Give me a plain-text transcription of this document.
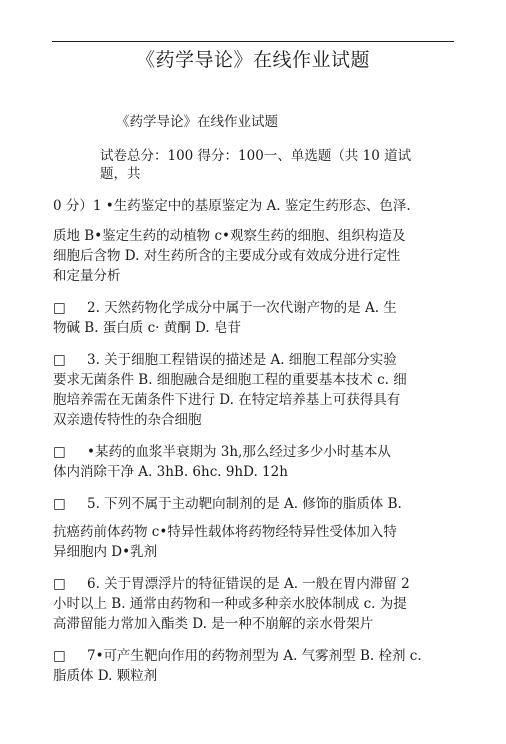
《药学导论》在线作业试题
《药学导论》在线作业试题
试卷总分：100 得分：100一、单选题（共 10 道试
题，共
0 分）1 •生药鉴定中的基原鉴定为 A. 鉴定生药形态、色泽.
质地 B•鉴定生药的动植物 c•观察生药的细胞、组织构造及
细胞后含物 D. 对生药所含的主要成分或有效成分进行定性
和定量分析
□ 2. 天然药物化学成分中属于一次代谢产物的是 A. 生
物碱 B. 蛋白质 c· 黄酮 D. 皂苷
□ 3. 关于细胞工程错误的描述是 A. 细胞工程部分实验
要求无菌条件 B. 细胞融合是细胞工程的重要基本技术 c. 细
胞培养需在无菌条件下进行 D. 在特定培养基上可获得具有
双亲遗传特性的杂合细胞
□ •某药的血浆半衰期为 3h,那么经过多少小时基本从
体内消除干净 A. 3hB. 6hc. 9hD. 12h
□ 5. 下列不属于主动靶向制剂的是 A. 修饰的脂质体 B.
抗癌药前体药物 c•特异性载体将药物经特异性受体加入特
异细胞内 D•乳剂
□ 6. 关于胃漂浮片的特征错误的是 A. 一般在胃内滞留 2
小时以上 B. 通常由药物和一种或多种亲水胶体制成 c. 为提
高滞留能力常加入酯类 D. 是一种不崩解的亲水骨架片
□ 7•可产生靶向作用的药物剂型为 A. 气雾剂型 B. 栓剂 c.
脂质体 D. 颗粒剂
